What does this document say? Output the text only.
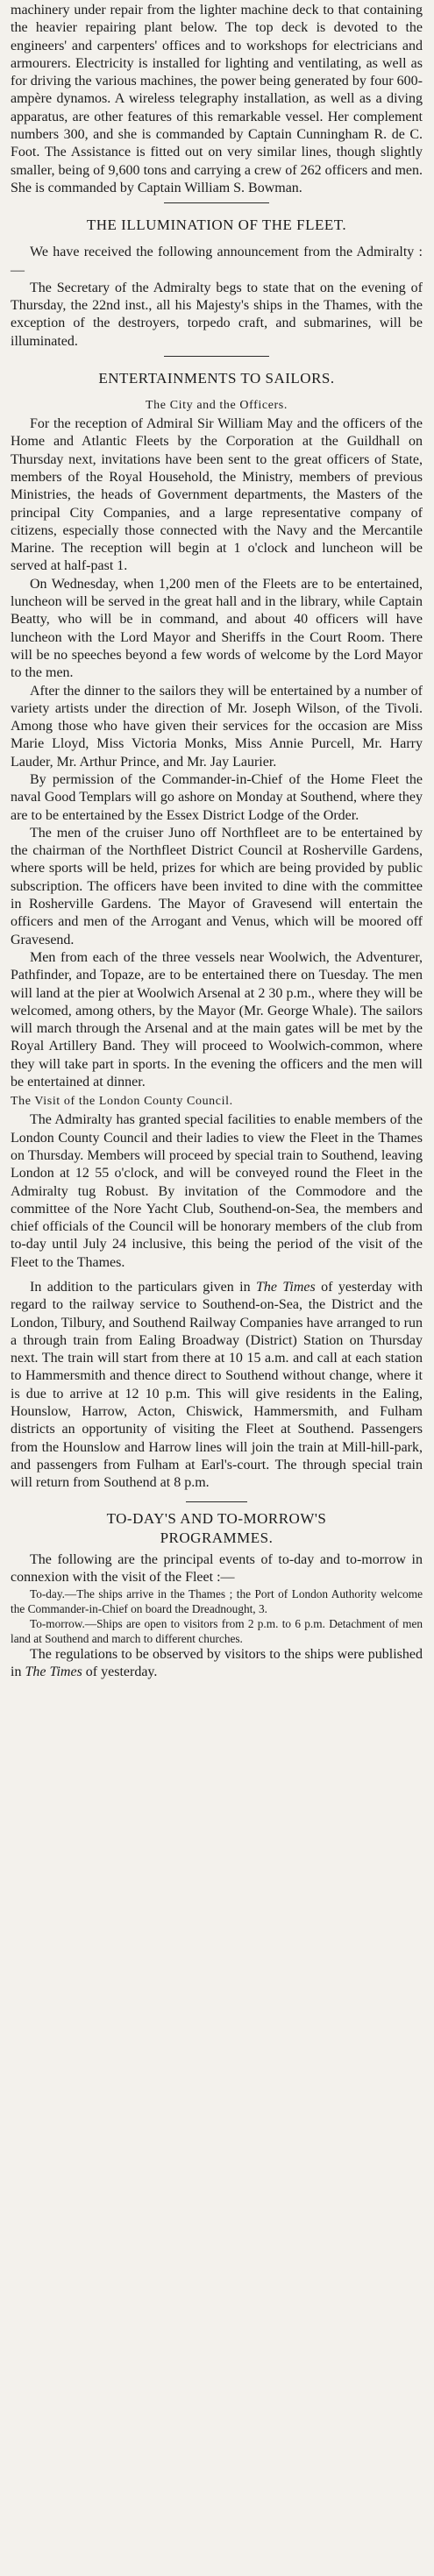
machinery under repair from the lighter machine deck to that containing the heavier repairing plant below. The top deck is devoted to the engineers' and carpenters' offices and to workshops for electricians and armourers. Electricity is installed for lighting and ventilating, as well as for driving the various machines, the power being generated by four 600-ampère dynamos. A wireless telegraphy installation, as well as a diving apparatus, are other features of this remarkable vessel. Her complement numbers 300, and she is commanded by Captain Cunningham R. de C. Foot. The Assistance is fitted out on very similar lines, though slightly smaller, being of 9,600 tons and carrying a crew of 262 officers and men. She is commanded by Captain William S. Bowman.

THE ILLUMINATION OF THE FLEET.

We have received the following announcement from the Admiralty :—

The Secretary of the Admiralty begs to state that on the evening of Thursday, the 22nd inst., all his Majesty's ships in the Thames, with the exception of the destroyers, torpedo craft, and submarines, will be illuminated.

ENTERTAINMENTS TO SAILORS.
The City and the Officers.

For the reception of Admiral Sir William May and the officers of the Home and Atlantic Fleets by the Corporation at the Guildhall on Thursday next, invitations have been sent to the great officers of State, members of the Royal Household, the Ministry, members of previous Ministries, the heads of Government departments, the Masters of the principal City Companies, and a large representative company of citizens, especially those connected with the Navy and the Mercantile Marine. The reception will begin at 1 o'clock and luncheon will be served at half-past 1.

On Wednesday, when 1,200 men of the Fleets are to be entertained, luncheon will be served in the great hall and in the library, while Captain Beatty, who will be in command, and about 40 officers will have luncheon with the Lord Mayor and Sheriffs in the Court Room. There will be no speeches beyond a few words of welcome by the Lord Mayor to the men.

After the dinner to the sailors they will be entertained by a number of variety artists under the direction of Mr. Joseph Wilson, of the Tivoli. Among those who have given their services for the occasion are Miss Marie Lloyd, Miss Victoria Monks, Miss Annie Purcell, Mr. Harry Lauder, Mr. Arthur Prince, and Mr. Jay Laurier.

By permission of the Commander-in-Chief of the Home Fleet the naval Good Templars will go ashore on Monday at Southend, where they are to be entertained by the Essex District Lodge of the Order.

The men of the cruiser Juno off Northfleet are to be entertained by the chairman of the Northfleet District Council at Rosherville Gardens, where sports will be held, prizes for which are being provided by public subscription. The officers have been invited to dine with the committee in Rosherville Gardens. The Mayor of Gravesend will entertain the officers and men of the Arrogant and Venus, which will be moored off Gravesend.

Men from each of the three vessels near Woolwich, the Adventurer, Pathfinder, and Topaze, are to be entertained there on Tuesday. The men will land at the pier at Woolwich Arsenal at 2 30 p.m., where they will be welcomed, among others, by the Mayor (Mr. George Whale). The sailors will march through the Arsenal and at the main gates will be met by the Royal Artillery Band. They will proceed to Woolwich-common, where they will take part in sports. In the evening the officers and the men will be entertained at dinner.

The Visit of the London County Council.

The Admiralty has granted special facilities to enable members of the London County Council and their ladies to view the Fleet in the Thames on Thursday. Members will proceed by special train to Southend, leaving London at 12 55 o'clock, and will be conveyed round the Fleet in the Admiralty tug Robust. By invitation of the Commodore and the committee of the Nore Yacht Club, Southend-on-Sea, the members and chief officials of the Council will be honorary members of the club from to-day until July 24 inclusive, this being the period of the visit of the Fleet to the Thames.

In addition to the particulars given in The Times of yesterday with regard to the railway service to Southend-on-Sea, the District and the London, Tilbury, and Southend Railway Companies have arranged to run a through train from Ealing Broadway (District) Station on Thursday next. The train will start from there at 10 15 a.m. and call at each station to Hammersmith and thence direct to Southend without change, where it is due to arrive at 12 10 p.m. This will give residents in the Ealing, Hounslow, Harrow, Acton, Chiswick, Hammersmith, and Fulham districts an opportunity of visiting the Fleet at Southend. Passengers from the Hounslow and Harrow lines will join the train at Mill-hill-park, and passengers from Fulham at Earl's-court. The through special train will return from Southend at 8 p.m.

TO-DAY'S AND TO-MORROW'S
PROGRAMMES.

The following are the principal events of to-day and to-morrow in connexion with the visit of the Fleet :—

To-day.—The ships arrive in the Thames ; the Port of London Authority welcome the Commander-in-Chief on board the Dreadnought, 3.

To-morrow.—Ships are open to visitors from 2 p.m. to 6 p.m. Detachment of men land at Southend and march to different churches.

The regulations to be observed by visitors to the ships were published in The Times of yesterday.
